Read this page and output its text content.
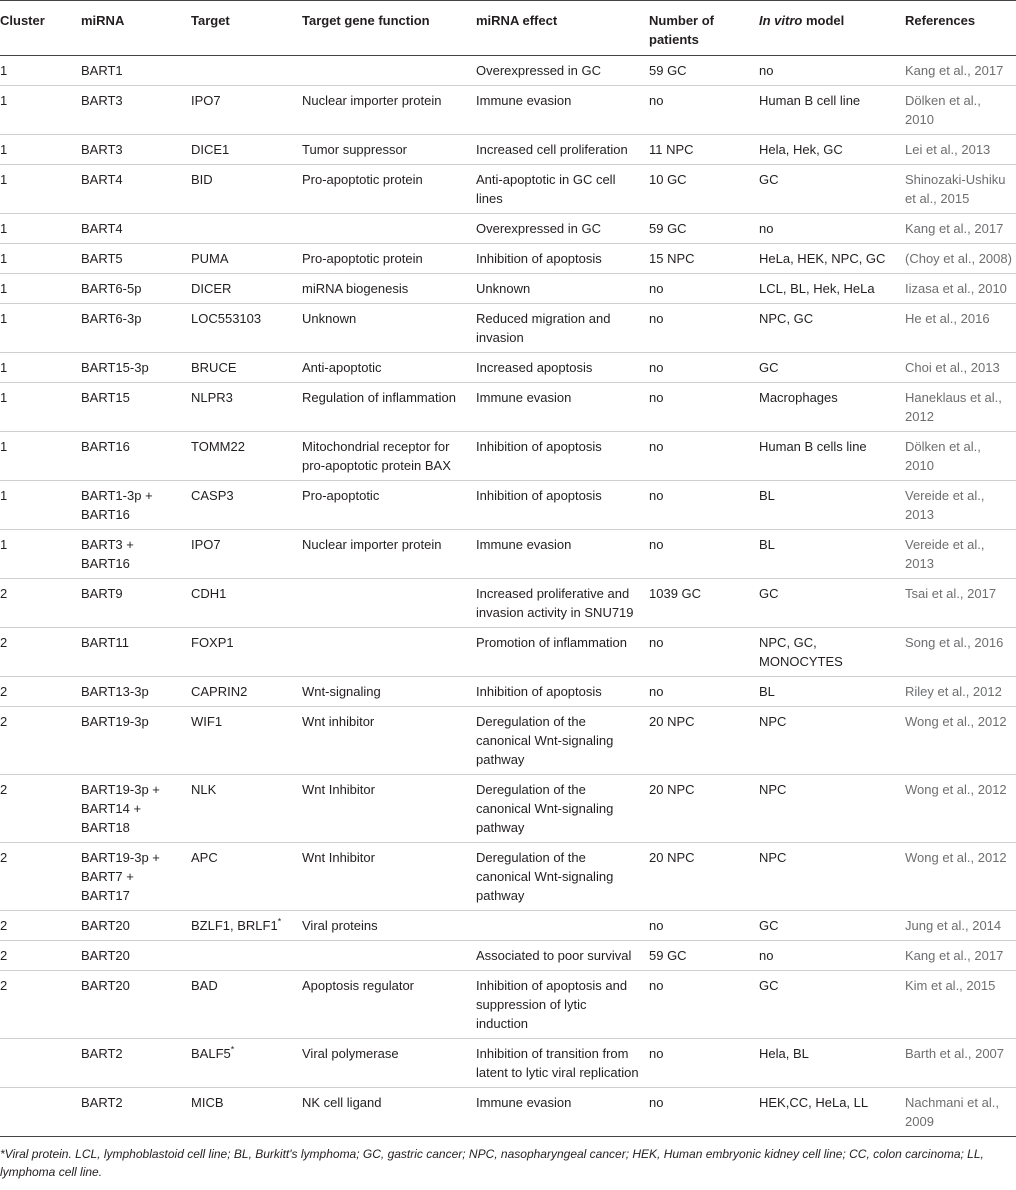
Cluster	miRNA	Target	Target gene function	miRNA effect	Number of patients	In vitro model	References
1	BART1			Overexpressed in GC	59 GC	no	Kang et al., 2017
1	BART3	IPO7	Nuclear importer protein	Immune evasion	no	Human B cell line	Dölken et al., 2010
1	BART3	DICE1	Tumor suppressor	Increased cell proliferation	11 NPC	Hela, Hek, GC	Lei et al., 2013
1	BART4	BID	Pro-apoptotic protein	Anti-apoptotic in GC cell lines	10 GC	GC	Shinozaki-Ushiku et al., 2015
1	BART4			Overexpressed in GC	59 GC	no	Kang et al., 2017
1	BART5	PUMA	Pro-apoptotic protein	Inhibition of apoptosis	15 NPC	HeLa, HEK, NPC, GC	(Choy et al., 2008)
1	BART6-5p	DICER	miRNA biogenesis	Unknown	no	LCL, BL, Hek, HeLa	Iizasa et al., 2010
1	BART6-3p	LOC553103	Unknown	Reduced migration and invasion	no	NPC, GC	He et al., 2016
1	BART15-3p	BRUCE	Anti-apoptotic	Increased apoptosis	no	GC	Choi et al., 2013
1	BART15	NLPR3	Regulation of inflammation	Immune evasion	no	Macrophages	Haneklaus et al., 2012
1	BART16	TOMM22	Mitochondrial receptor for pro-apoptotic protein BAX	Inhibition of apoptosis	no	Human B cells line	Dölken et al., 2010
1	BART1-3p + BART16	CASP3	Pro-apoptotic	Inhibition of apoptosis	no	BL	Vereide et al., 2013
1	BART3 + BART16	IPO7	Nuclear importer protein	Immune evasion	no	BL	Vereide et al., 2013
2	BART9	CDH1		Increased proliferative and invasion activity in SNU719	1039 GC	GC	Tsai et al., 2017
2	BART11	FOXP1		Promotion of inflammation	no	NPC, GC, MONOCYTES	Song et al., 2016
2	BART13-3p	CAPRIN2	Wnt-signaling	Inhibition of apoptosis	no	BL	Riley et al., 2012
2	BART19-3p	WIF1	Wnt inhibitor	Deregulation of the canonical Wnt-signaling pathway	20 NPC	NPC	Wong et al., 2012
2	BART19-3p + BART14 + BART18	NLK	Wnt Inhibitor	Deregulation of the canonical Wnt-signaling pathway	20 NPC	NPC	Wong et al., 2012
2	BART19-3p + BART7 + BART17	APC	Wnt Inhibitor	Deregulation of the canonical Wnt-signaling pathway	20 NPC	NPC	Wong et al., 2012
2	BART20	BZLF1, BRLF1*	Viral proteins		no	GC	Jung et al., 2014
2	BART20			Associated to poor survival	59 GC	no	Kang et al., 2017
2	BART20	BAD	Apoptosis regulator	Inhibition of apoptosis and suppression of lytic induction	no	GC	Kim et al., 2015
	BART2	BALF5*	Viral polymerase	Inhibition of transition from latent to lytic viral replication	no	Hela, BL	Barth et al., 2007
	BART2	MICB	NK cell ligand	Immune evasion	no	HEK,CC, HeLa, LL	Nachmani et al., 2009
*Viral protein. LCL, lymphoblastoid cell line; BL, Burkitt's lymphoma; GC, gastric cancer; NPC, nasopharyngeal cancer; HEK, Human embryonic kidney cell line; CC, colon carcinoma; LL, lymphoma cell line.
